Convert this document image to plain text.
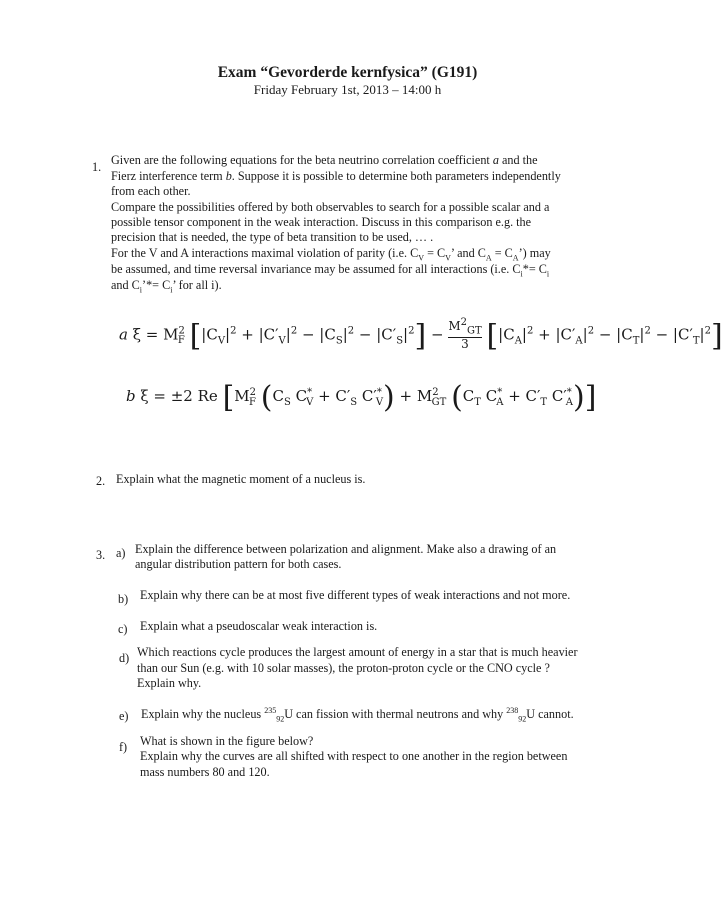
Exam “Gevorderde kernfysica” (G191)
Friday February 1st, 2013 – 14:00 h
1. Given are the following equations for the beta neutrino correlation coefficient a and the
Fierz interference term b. Suppose it is possible to determine both parameters independently
from each other.
Compare the possibilities offered by both observables to search for a possible scalar and a
possible tensor component in the weak interaction. Discuss in this comparison e.g. the
precision that is needed, the type of beta transition to be used, … .
For the V and A interactions maximal violation of parity (i.e. $C_V = C_V$’ and $C_A$ = $C_A$’) may
be assumed, and time reversal invariance may be assumed for all interactions (i.e. $C_i*= C_i$
and $C_i’*= C_i$’ for all i).
a $\xi = M^2_F$ $[|C_V|^2 + |C'_V|^2 - |C_S|^2 - |C'_S|^2] - \frac{M^2_{GT}}{3} [|C_A|^2 + |C'_A|^2 - |C_T|^2 - |C'_T|^2]$
b ξ = ±2 Re [$M^2_F$ ($C_S$ $C^*_V + C'_S$ $C'^*_V) + M^2_{GT}$ ($C_T$ $C^*_A + C'_T$ $C'^*_A$)]
2. Explain what the magnetic moment of a nucleus is.
3. a) Explain the difference between polarization and alignment. Make also a drawing of an
angular distribution pattern for both cases.
b) Explain why there can be at most five different types of weak interactions and not more.
c) Explain what a pseudoscalar weak interaction is.
d) Which reactions cycle produces the largest amount of energy in a star that is much heavier
than our Sun (e.g. with 10 solar masses), the proton-proton cycle or the CNO cycle ?
Explain why.
e) Explain why the nucleus $^{235}_{92}$U can fission with thermal neutrons and why $^{238}_{92}$U cannot.
f) What is shown in the figure below?
Explain why the curves are all shifted with respect to one another in the region between
mass numbers 80 and 120.
